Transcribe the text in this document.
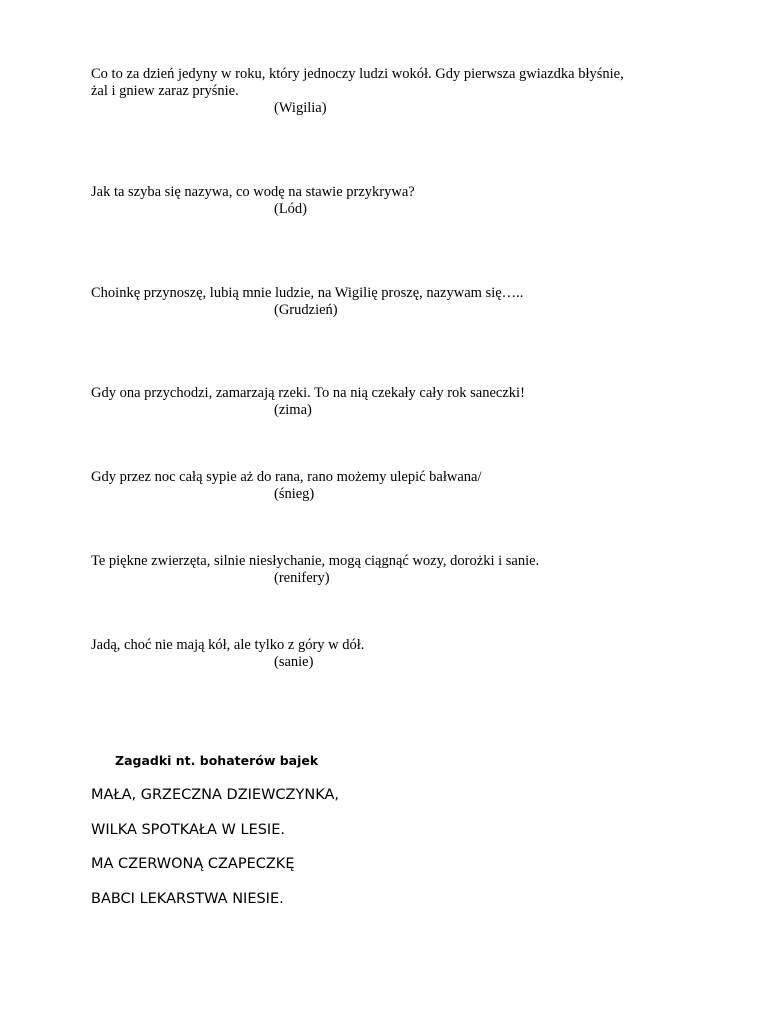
Co to za dzień jedyny w roku, który jednoczy ludzi wokół. Gdy pierwsza gwiazdka błyśnie,
żal i gniew zaraz pryśnie.
(Wigilia)
Jak ta szyba się nazywa, co wodę na stawie przykrywa?
(Lód)
Choinkę przynoszę, lubią mnie ludzie, na Wigilię proszę, nazywam się…..
(Grudzień)
Gdy ona przychodzi, zamarzają rzeki. To na nią czekały cały rok saneczki!
(zima)
Gdy przez noc całą sypie aż do rana, rano możemy ulepić bałwana/
(śnieg)
Te piękne zwierzęta, silnie niesłychanie, mogą ciągnąć wozy, dorożki i sanie.
(renifery)
Jadą, choć nie mają kół, ale tylko z góry w dół.
(sanie)
Zagadki nt. bohaterów bajek
MAŁA, GRZECZNA DZIEWCZYNKA,
WILKA SPOTKAŁA W LESIE.
MA CZERWONĄ CZAPECZKĘ
BABCI LEKARSTWA NIESIE.
